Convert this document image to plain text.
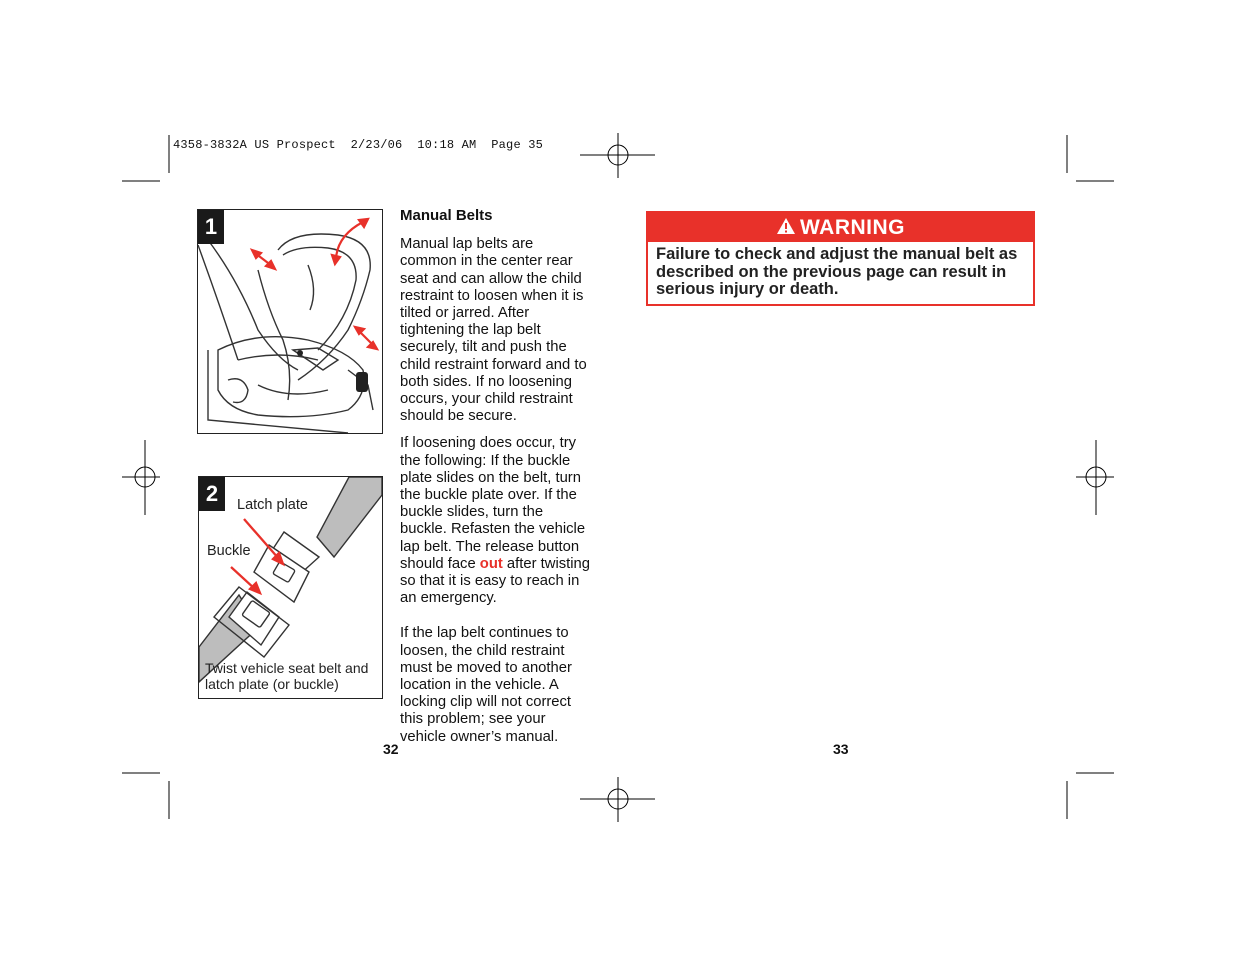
4358-3832A US Prospect  2/23/06  10:18 AM  Page 35
1
2	Latch plate
Buckle
Twist vehicle seat belt and
latch plate (or buckle)
Manual Belts

Manual lap belts are common in the center rear seat and can allow the child restraint to loosen when it is tilted or jarred. After tightening the lap belt securely, tilt and push the child restraint forward and to both sides. If no loosening occurs, your child restraint should be secure.

If loosening does occur, try the following: If the buckle plate slides on the belt, turn the buckle plate over. If the buckle slides, turn the buckle. Refasten the vehicle lap belt. The release button should face out after twisting so that it is easy to reach in an emergency.

If the lap belt continues to loosen, the child restraint must be moved to another location in the vehicle. A locking clip will not correct this problem; see your vehicle owner’s manual.

32
WARNING
Failure to check and adjust the manual belt as described on the previous page can result in serious injury or death.
33
